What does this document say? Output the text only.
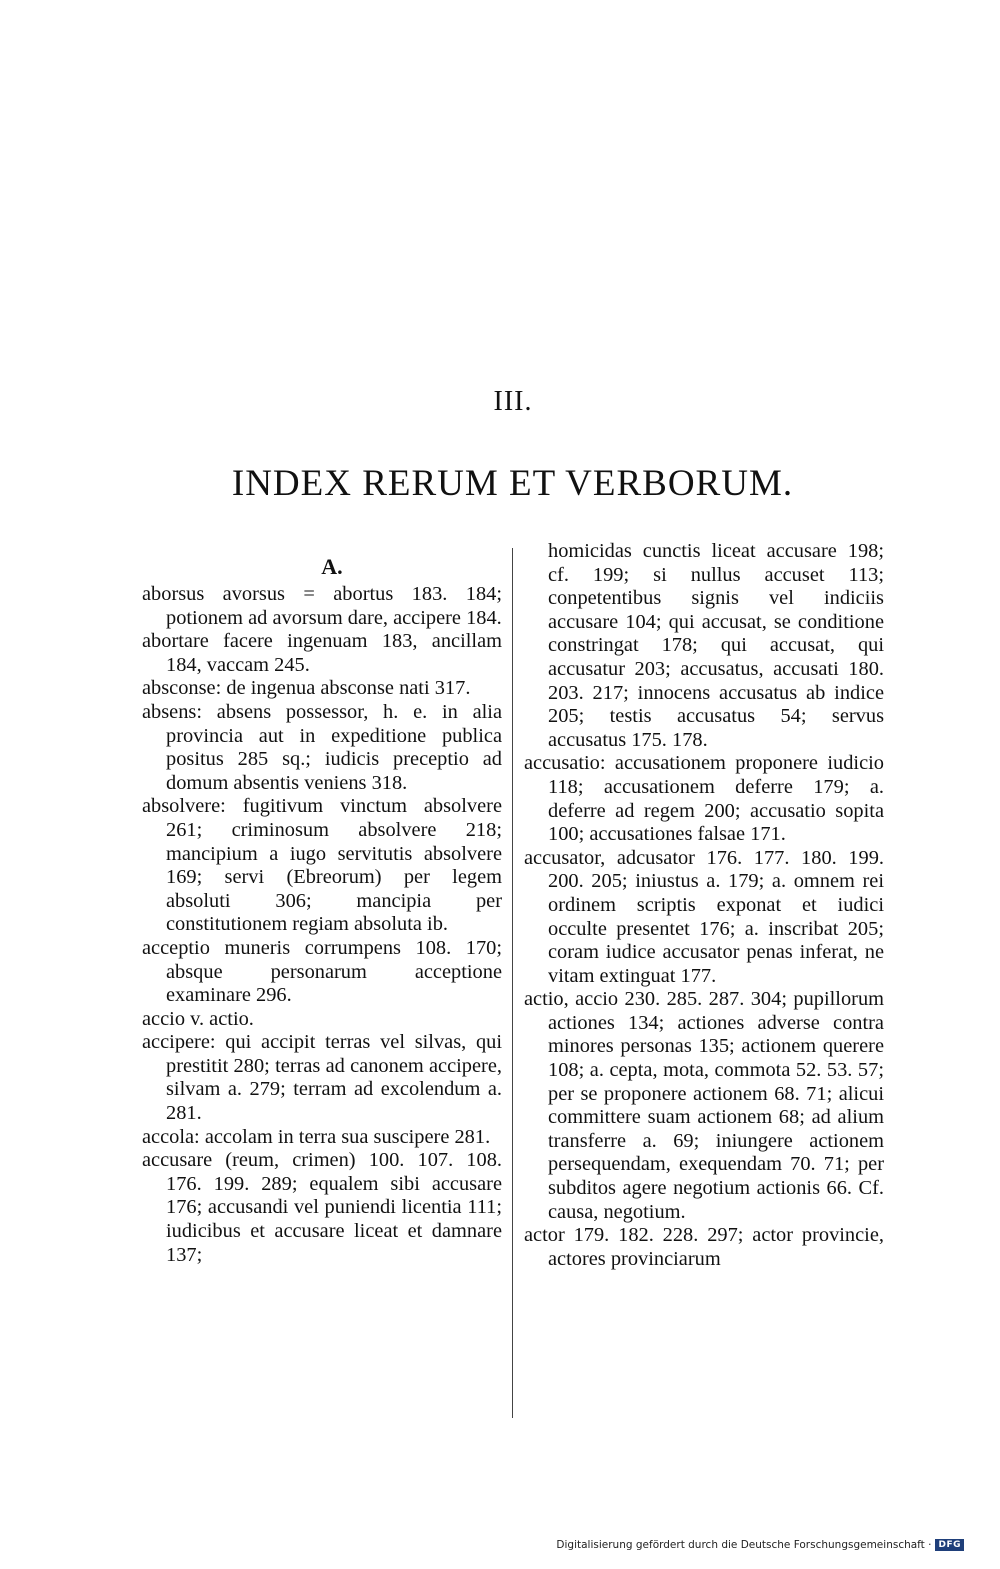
III.
INDEX RERUM ET VERBORUM.
A.

aborsus avorsus = abortus 183. 184; potionem ad avorsum dare, accipere 184.

abortare facere ingenuam 183, ancillam 184, vaccam 245.

absconse: de ingenua absconse nati 317.

absens: absens possessor, h. e. in alia provincia aut in expeditione publica positus 285 sq.; iudicis preceptio ad domum absentis veniens 318.

absolvere: fugitivum vinctum absolvere 261; criminosum absolvere 218; mancipium a iugo servitutis absolvere 169; servi (Ebreorum) per legem absoluti 306; mancipia per constitutionem regiam absoluta ib.

acceptio muneris corrumpens 108. 170; absque personarum acceptione examinare 296.

accio v. actio.

accipere: qui accipit terras vel silvas, qui prestitit 280; terras ad canonem accipere, silvam a. 279; terram ad excolendum a. 281.

accola: accolam in terra sua suscipere 281.

accusare (reum, crimen) 100. 107. 108. 176. 199. 289; equalem sibi accusare 176; accusandi vel puniendi licentia 111; iudicibus et accusare liceat et damnare 137;

homicidas cunctis liceat accusare 198; cf. 199; si nullus accuset 113; conpetentibus signis vel indiciis accusare 104; qui accusat, se conditione constringat 178; qui accusat, qui accusatur 203; accusatus, accusati 180. 203. 217; innocens accusatus ab indice 205; testis accusatus 54; servus accusatus 175. 178.

accusatio: accusationem proponere iudicio 118; accusationem deferre 179; a. deferre ad regem 200; accusatio sopita 100; accusationes falsae 171.

accusator, adcusator 176. 177. 180. 199. 200. 205; iniustus a. 179; a. omnem rei ordinem scriptis exponat et iudici occulte presentet 176; a. inscribat 205; coram iudice accusator penas inferat, ne vitam extinguat 177.

actio, accio 230. 285. 287. 304; pupillorum actiones 134; actiones adverse contra minores personas 135; actionem querere 108; a. cepta, mota, commota 52. 53. 57; per se proponere actionem 68. 71; alicui committere suam actionem 68; ad alium transferre a. 69; iniungere actionem persequendam, exequendam 70. 71; per subditos agere negotium actionis 66. Cf. causa, negotium.

actor 179. 182. 228. 297; actor provincie, actores provinciarum

Digitalisierung gefördert durch die Deutsche Forschungsgemeinschaft · DFG
